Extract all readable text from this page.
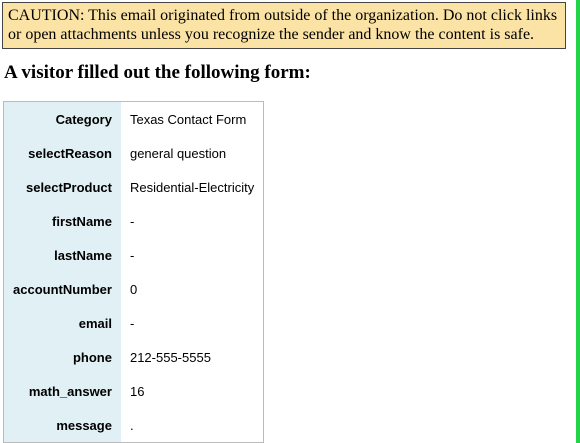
CAUTION: This email originated from outside of the organization. Do not click links or open attachments unless you recognize the sender and know the content is safe.
A visitor filled out the following form:
Category	Texas Contact Form
selectReason	general question
selectProduct	Residential-Electricity
firstName	-
lastName	-
accountNumber	0
email	-
phone	212-555-5555
math_answer	16
message	.
